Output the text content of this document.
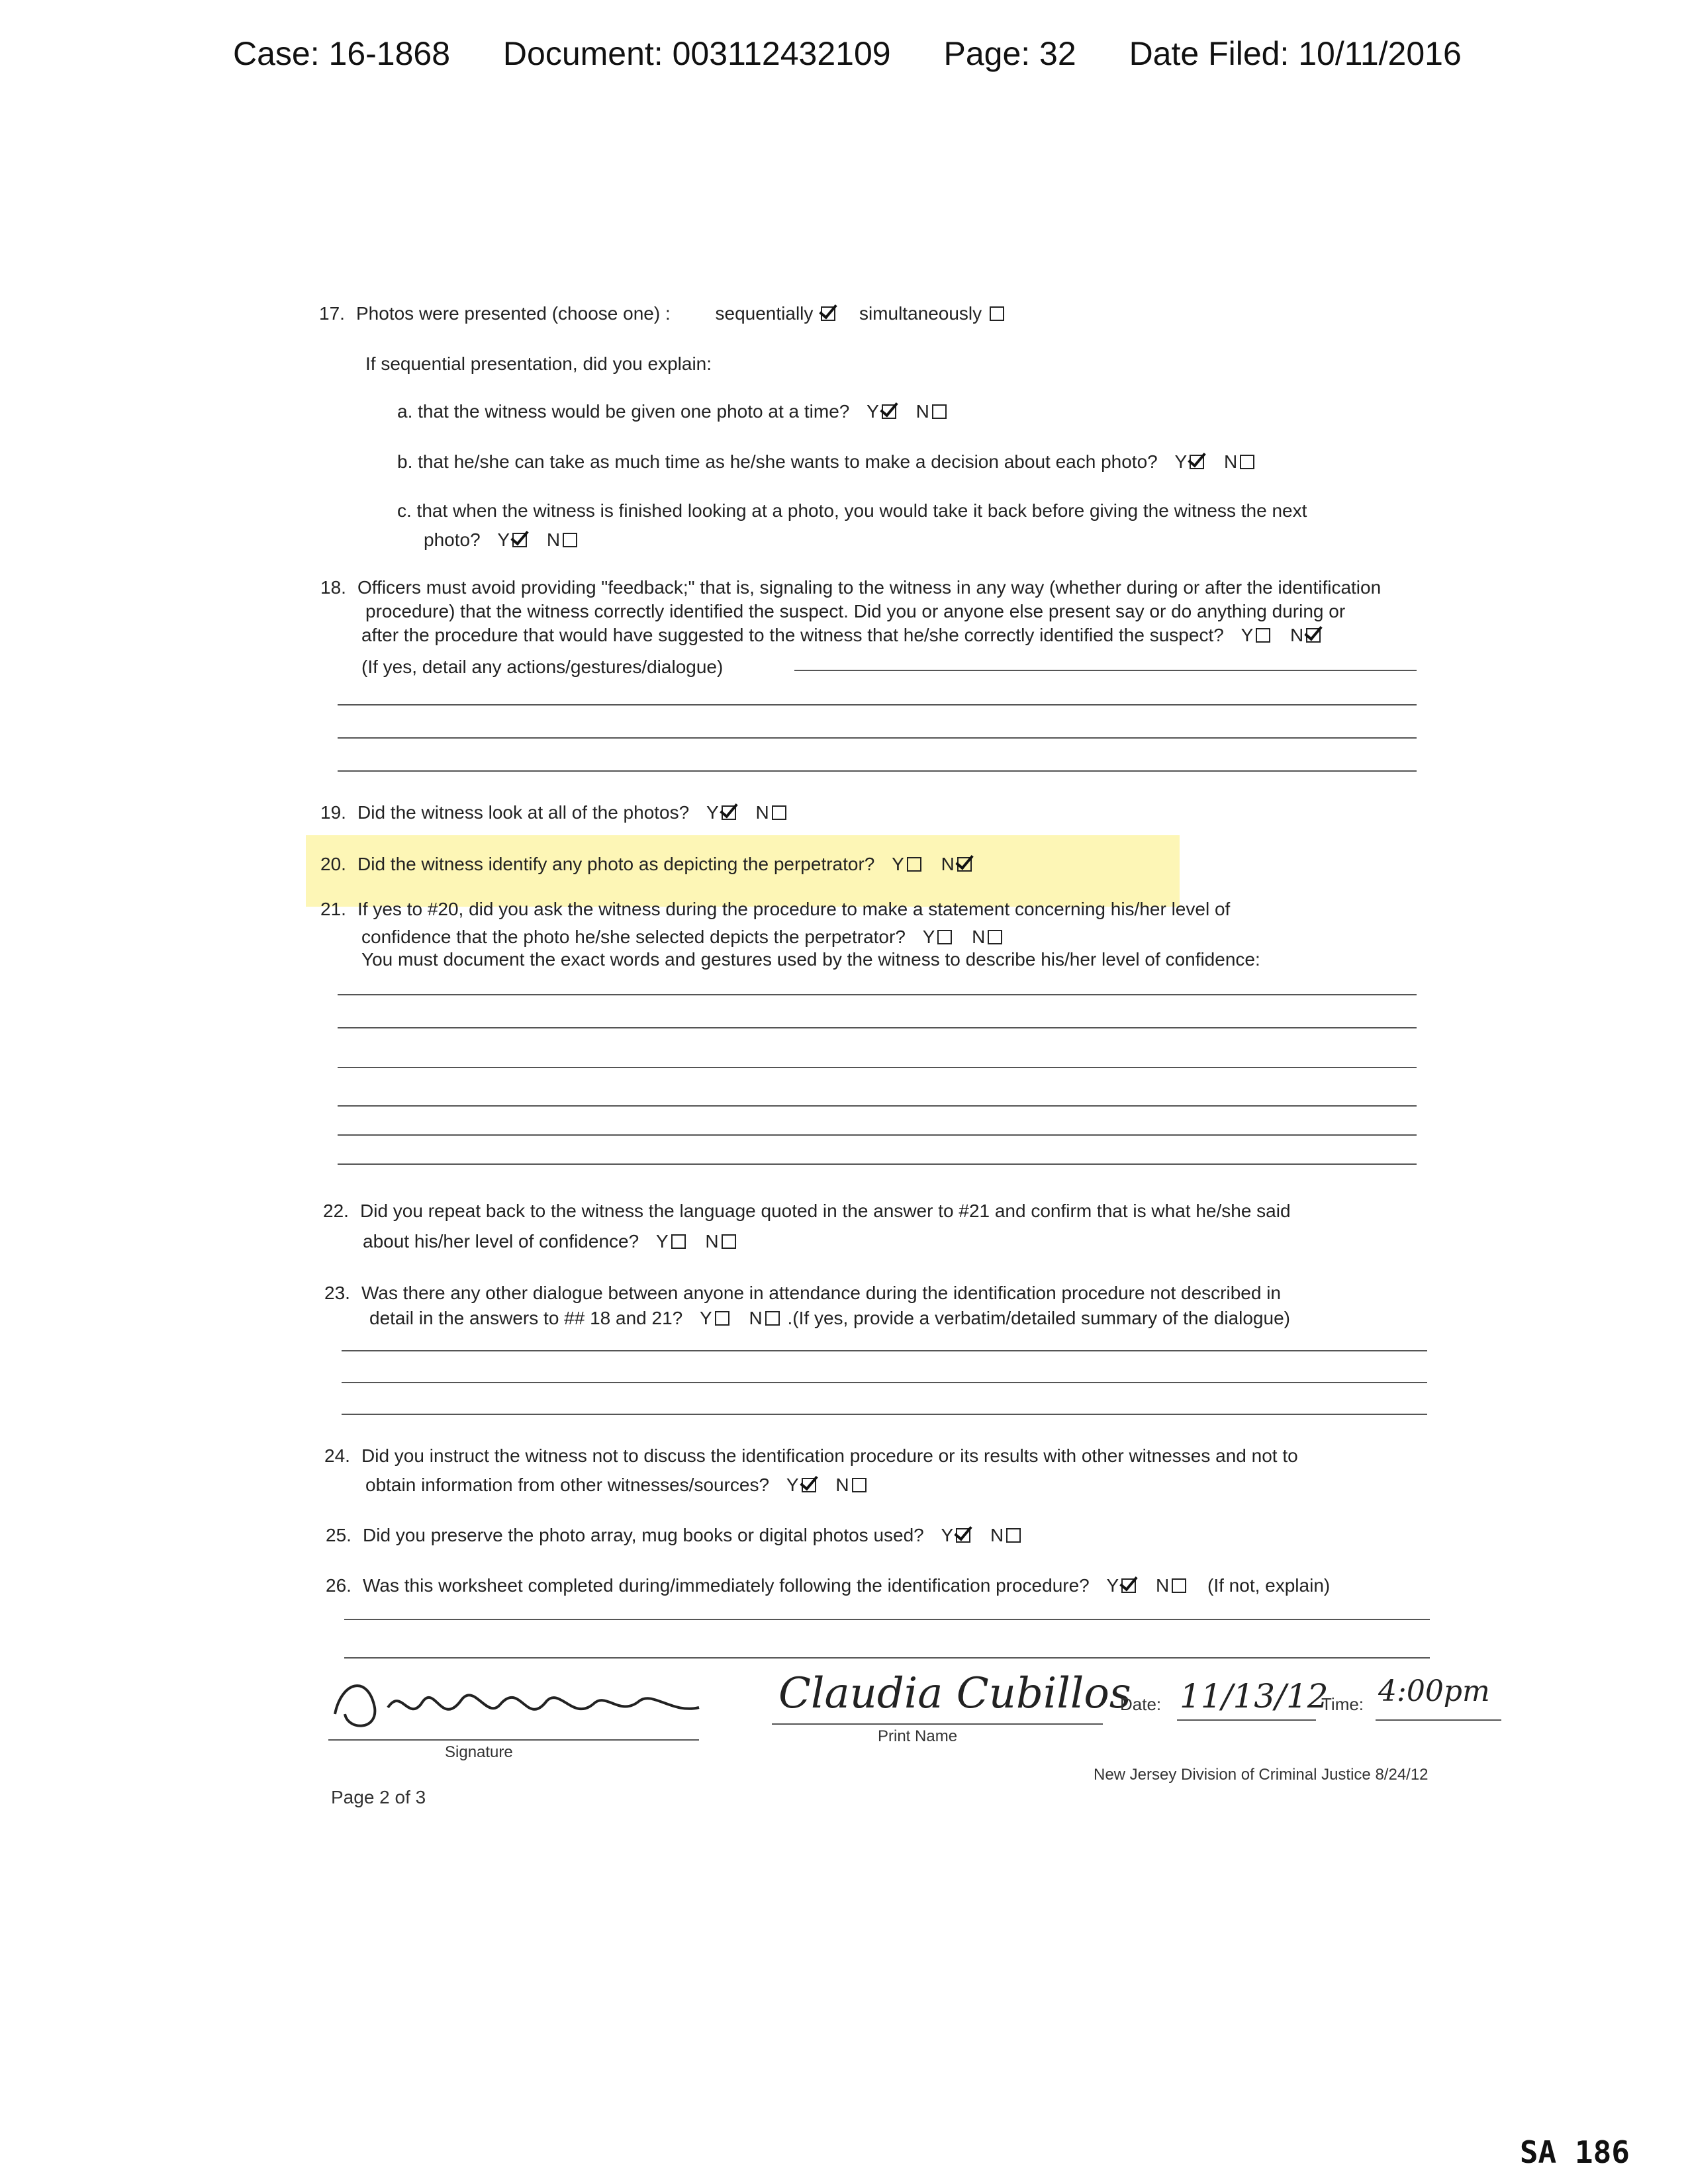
Case: 16-1868 Document: 003112432109 Page: 32 Date Filed: 10/11/2016
17. Photos were presented (choose one) : sequentially simultaneously
If sequential presentation, did you explain:
a. that the witness would be given one photo at a time? Y N
b. that he/she can take as much time as he/she wants to make a decision about each photo? Y N
c. that when the witness is finished looking at a photo, you would take it back before giving the witness the next
photo? Y N
18. Officers must avoid providing "feedback;" that is, signaling to the witness in any way (whether during or after the identification
procedure) that the witness correctly identified the suspect. Did you or anyone else present say or do anything during or
after the procedure that would have suggested to the witness that he/she correctly identified the suspect? Y N
(If yes, detail any actions/gestures/dialogue)
19. Did the witness look at all of the photos? Y N
20. Did the witness identify any photo as depicting the perpetrator? Y N
21. If yes to #20, did you ask the witness during the procedure to make a statement concerning his/her level of
confidence that the photo he/she selected depicts the perpetrator? Y N
You must document the exact words and gestures used by the witness to describe his/her level of confidence:
22. Did you repeat back to the witness the language quoted in the answer to #21 and confirm that is what he/she said
about his/her level of confidence? Y N
23. Was there any other dialogue between anyone in attendance during the identification procedure not described in
detail in the answers to ## 18 and 21? Y N .(If yes, provide a verbatim/detailed summary of the dialogue)
24. Did you instruct the witness not to discuss the identification procedure or its results with other witnesses and not to
obtain information from other witnesses/sources? Y N
25. Did you preserve the photo array, mug books or digital photos used? Y N
26. Was this worksheet completed during/immediately following the identification procedure? Y N (If not, explain)
Signature
Claudia Cubillos
Print Name
Date: 11/13/12
Time: 4:00pm
Page 2 of 3
New Jersey Division of Criminal Justice 8/24/12
SA 186
